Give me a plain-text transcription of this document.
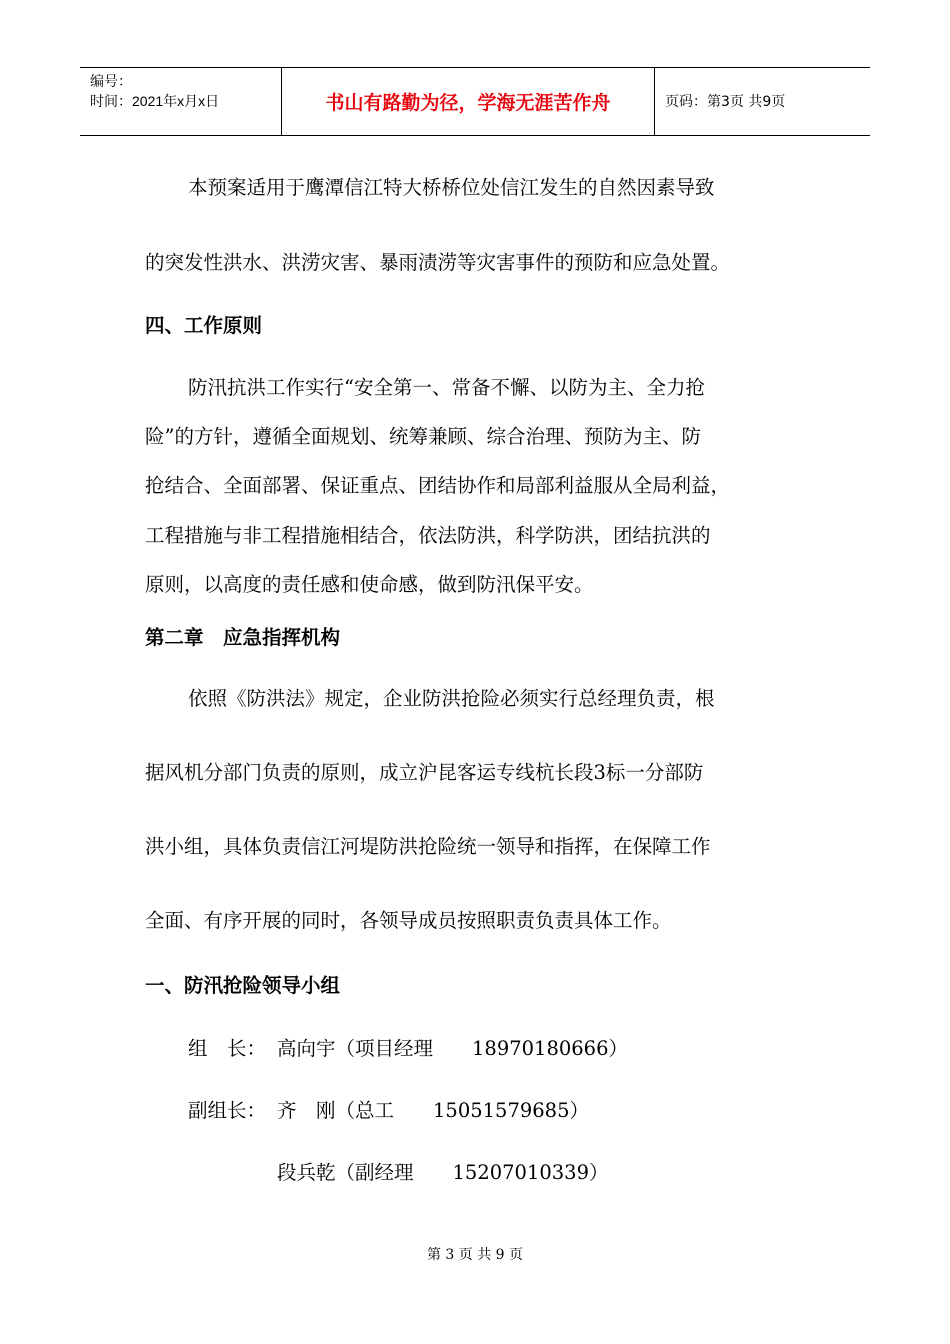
编号：
时间：2021年x月x日	书山有路勤为径，学海无涯苦作舟	页码：第3页 共9页
本预案适用于鹰潭信江特大桥桥位处信江发生的自然因素导致
的突发性洪水、洪涝灾害、暴雨渍涝等灾害事件的预防和应急处置。
四、工作原则
防汛抗洪工作实行“安全第一、常备不懈、以防为主、全力抢
险”的方针，遵循全面规划、统筹兼顾、综合治理、预防为主、防
抢结合、全面部署、保证重点、团结协作和局部利益服从全局利益，
工程措施与非工程措施相结合，依法防洪，科学防洪，团结抗洪的
原则，以高度的责任感和使命感，做到防汛保平安。
第二章　应急指挥机构
依照《防洪法》规定，企业防洪抢险必须实行总经理负责，根
据风机分部门负责的原则，成立沪昆客运专线杭长段3标一分部防
洪小组，具体负责信江河堤防洪抢险统一领导和指挥，在保障工作
全面、有序开展的同时，各领导成员按照职责负责具体工作。
一、防汛抢险领导小组
组　长： 高向宇（项目经理　　18970180666）
副组长： 齐　刚（总工　　15051579685）
段兵乾（副经理　　15207010339）
第 3 页 共 9 页
